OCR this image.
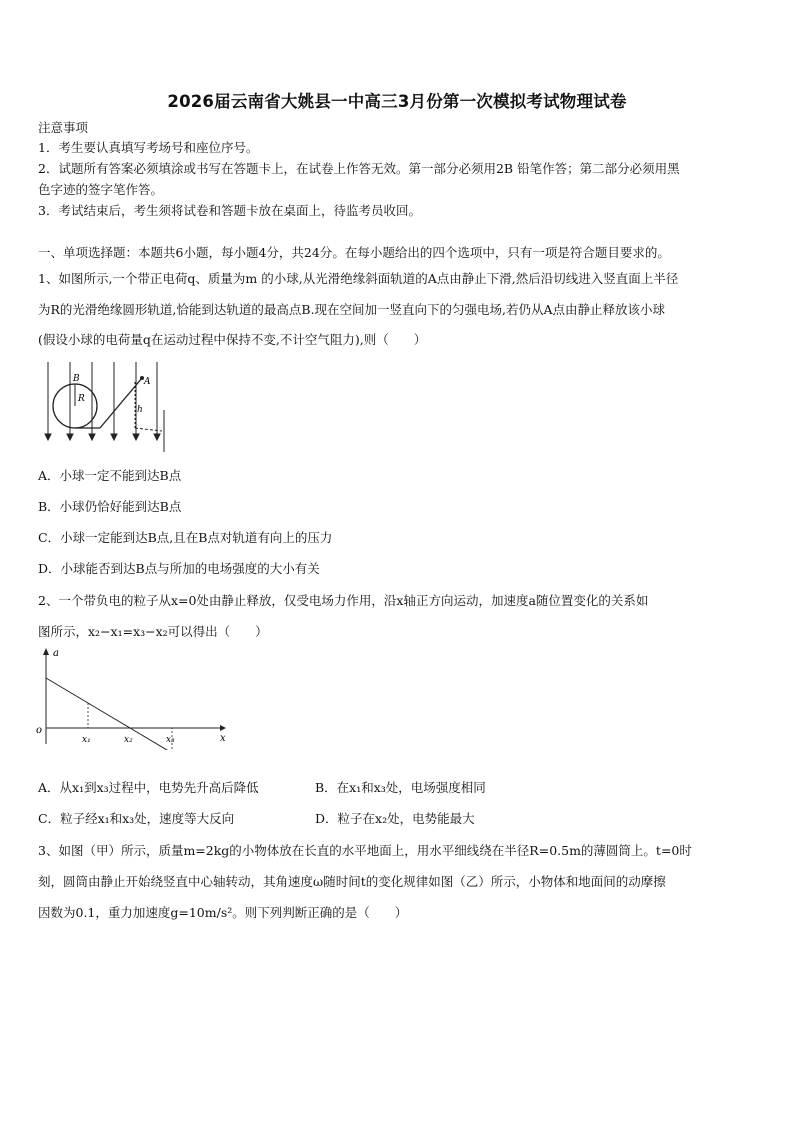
2026届云南省大姚县一中高三3月份第一次模拟考试物理试卷
注意事项
1．考生要认真填写考场号和座位序号。
2．试题所有答案必须填涂或书写在答题卡上，在试卷上作答无效。第一部分必须用2B 铅笔作答；第二部分必须用黑
色字迹的签字笔作答。
3．考试结束后，考生须将试卷和答题卡放在桌面上，待监考员收回。
一、单项选择题：本题共6小题，每小题4分，共24分。在每小题给出的四个选项中，只有一项是符合题目要求的。
1、如图所示,一个带正电荷q、质量为m 的小球,从光滑绝缘斜面轨道的A点由静止下滑,然后沿切线进入竖直面上半径
为R的光滑绝缘圆形轨道,恰能到达轨道的最高点B.现在空间加一竖直向下的匀强电场,若仍从A点由静止释放该小球
(假设小球的电荷量q在运动过程中保持不变,不计空气阻力),则（　　）
B
R
A
h
A．小球一定不能到达B点
B．小球仍恰好能到达B点
C．小球一定能到达B点,且在B点对轨道有向上的压力
D．小球能否到达B点与所加的电场强度的大小有关
2、一个带负电的粒子从x=0处由静止释放，仅受电场力作用，沿x轴正方向运动，加速度a随位置变化的关系如
图所示，x₂−x₁=x₃−x₂可以得出（　　）
a
x
o
x₁	x₂	x₃
A．从x₁到x₃过程中，电势先升高后降低	B．在x₁和x₃处，电场强度相同
C．粒子经x₁和x₃处，速度等大反向	D．粒子在x₂处，电势能最大
3、如图（甲）所示，质量m=2kg的小物体放在长直的水平地面上，用水平细线绕在半径R=0.5m的薄圆筒上。t=0时
刻，圆筒由静止开始绕竖直中心轴转动，其角速度ω随时间t的变化规律如图（乙）所示，小物体和地面间的动摩擦
因数为0.1，重力加速度g=10m/s²。则下列判断正确的是（　　）
